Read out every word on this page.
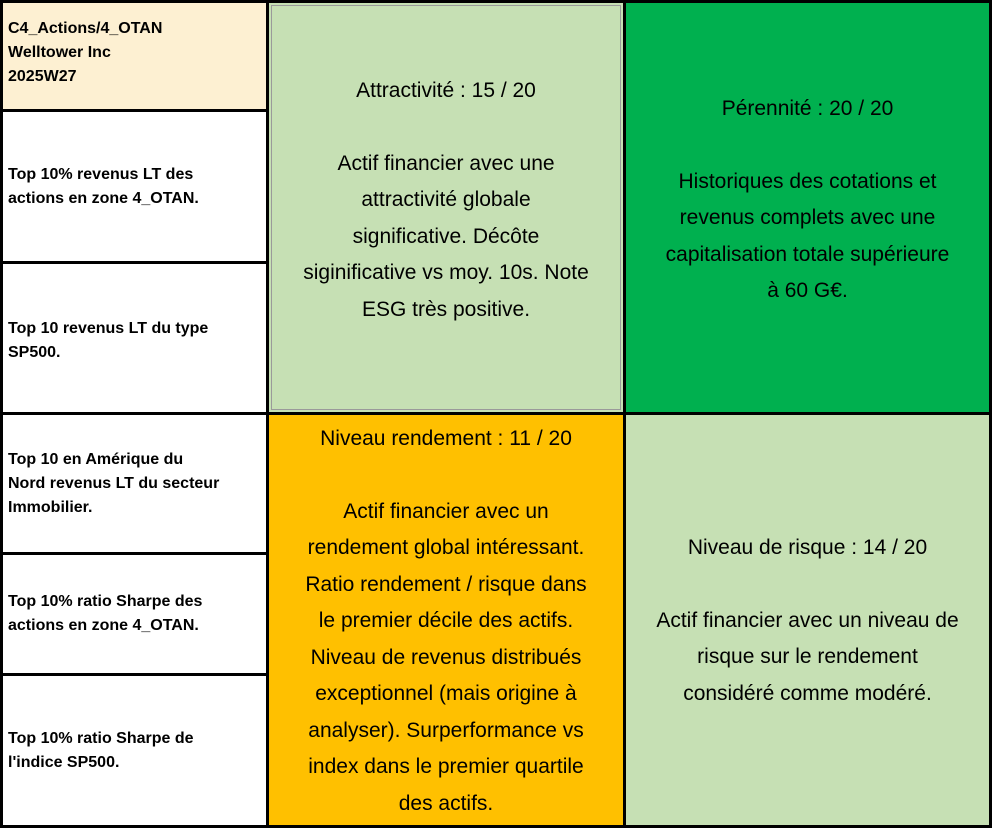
C4_Actions/4_OTAN
Welltower Inc
2025W27
Top 10% revenus LT des
actions en zone 4_OTAN.
Top 10 revenus LT du type
SP500.
Top 10 en Amérique du
Nord revenus LT du secteur
Immobilier.
Top 10% ratio Sharpe des
actions en zone 4_OTAN.
Top 10% ratio Sharpe de
l'indice SP500.
Attractivité : 15 / 20
Actif financier avec une
attractivité globale
significative. Décôte
siginificative vs moy. 10s. Note
ESG très positive.
Pérennité : 20 / 20
Historiques des cotations et
revenus complets avec une
capitalisation totale supérieure
à 60 G€.
Niveau rendement : 11 / 20
Actif financier avec un
rendement global intéressant.
Ratio rendement / risque dans
le premier décile des actifs.
Niveau de revenus distribués
exceptionnel (mais origine à
analyser). Surperformance vs
index dans le premier quartile
des actifs.
Niveau de risque : 14 / 20
Actif financier avec un niveau de
risque sur le rendement
considéré comme modéré.
